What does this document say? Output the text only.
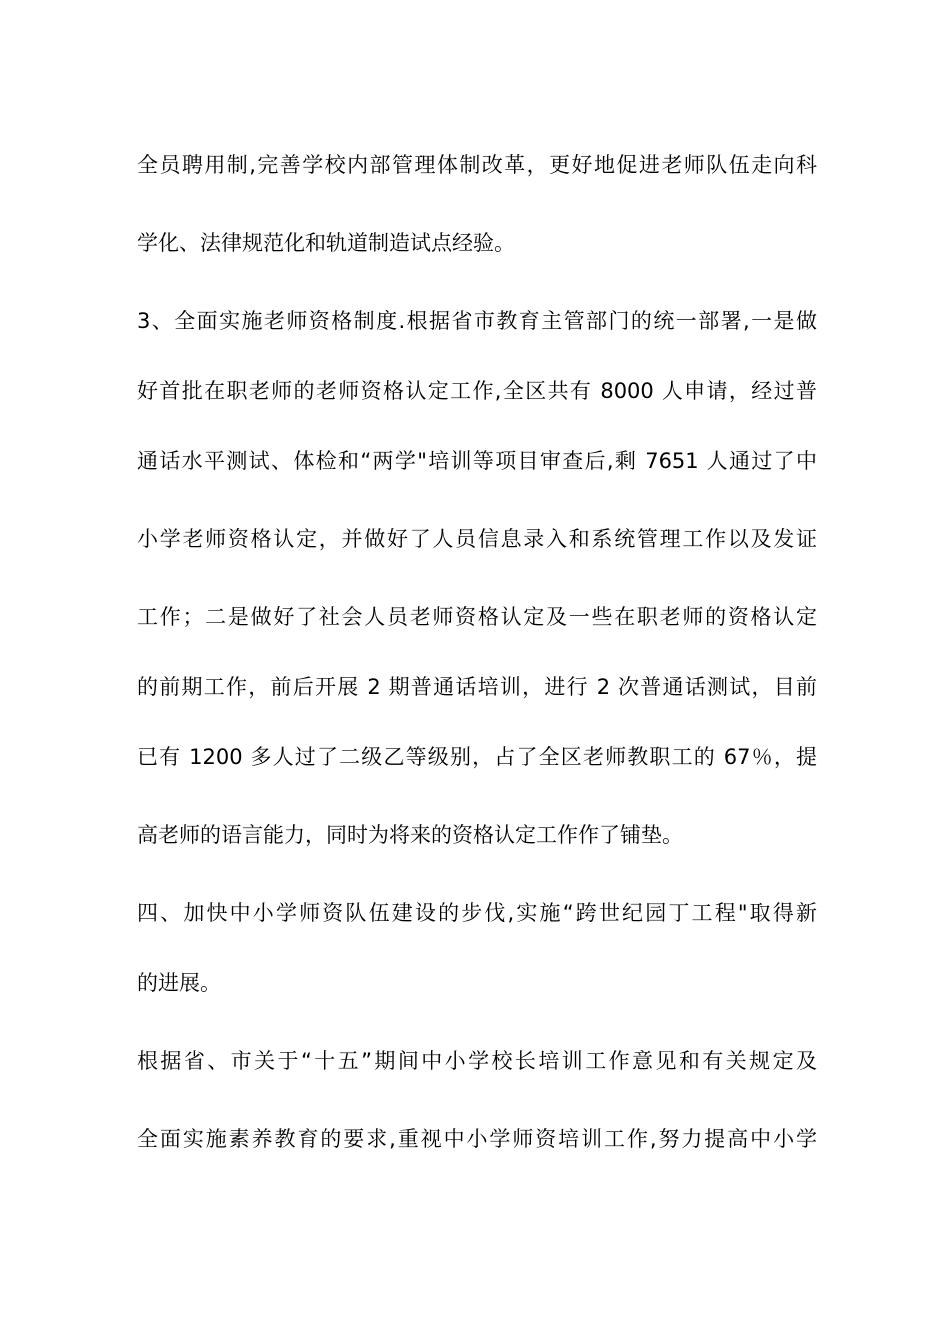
全员聘用制,完善学校内部管理体制改革，更好地促进老师队伍走向科
学化、法律规范化和轨道制造试点经验。
3、全面实施老师资格制度.根据省市教育主管部门的统一部署,一是做
好首批在职老师的老师资格认定工作,全区共有 8000 人申请，经过普
通话水平测试、体检和“两学"培训等项目审查后,剩 7651 人通过了中
小学老师资格认定，并做好了人员信息录入和系统管理工作以及发证
工作；二是做好了社会人员老师资格认定及一些在职老师的资格认定
的前期工作，前后开展 2 期普通话培训，进行 2 次普通话测试，目前
已有 1200 多人过了二级乙等级别，占了全区老师教职工的 67％，提
高老师的语言能力，同时为将来的资格认定工作作了铺垫。
四、加快中小学师资队伍建设的步伐,实施“跨世纪园丁工程"取得新
的进展。
根据省、市关于“十五”期间中小学校长培训工作意见和有关规定及
全面实施素养教育的要求,重视中小学师资培训工作,努力提高中小学
